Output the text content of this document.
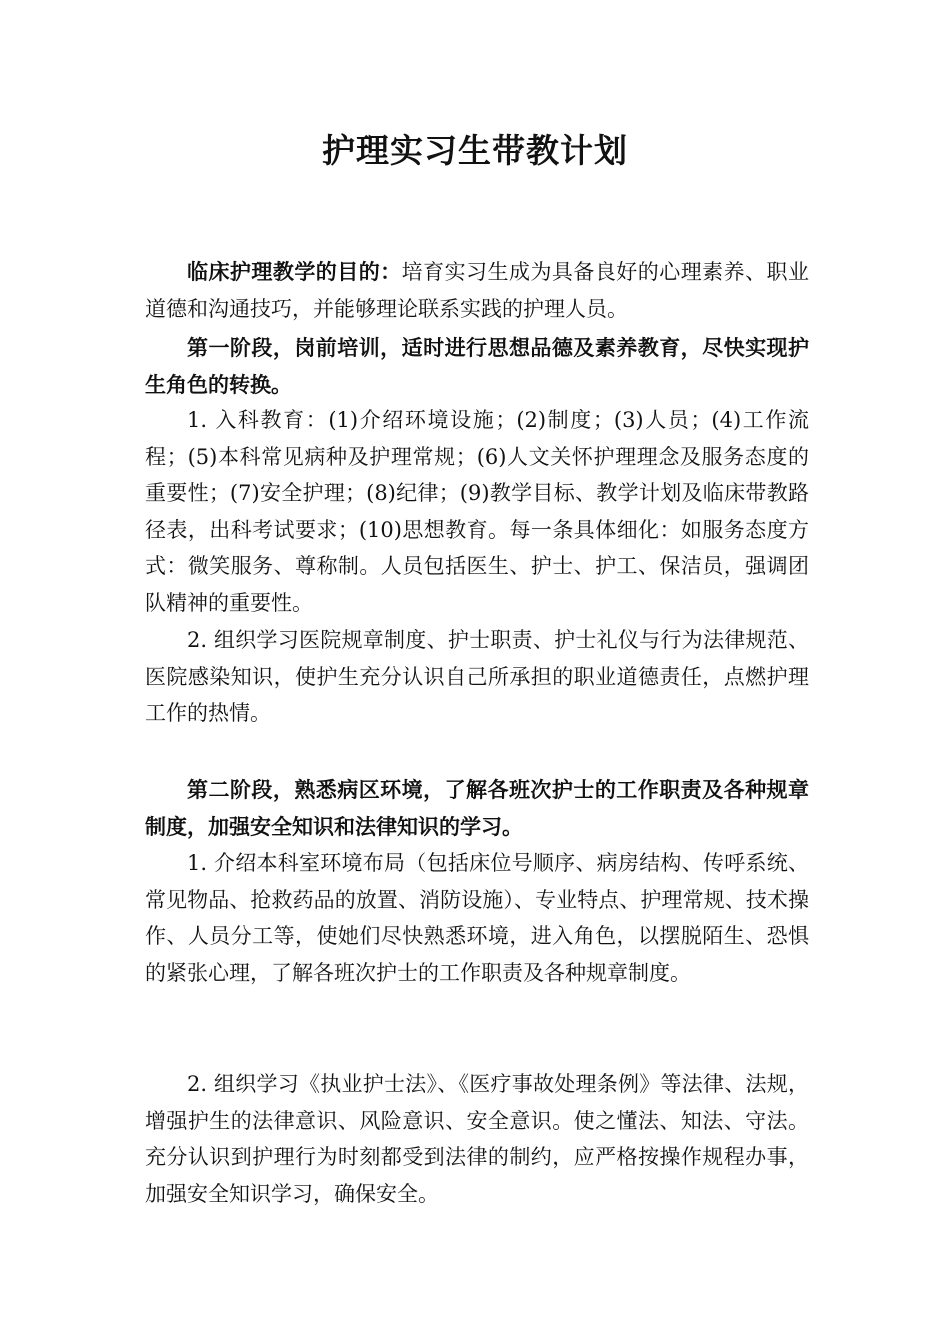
护理实习生带教计划

临床护理教学的目的：培育实习生成为具备良好的心理素养、职业道德和沟通技巧，并能够理论联系实践的护理人员。

第一阶段，岗前培训，适时进行思想品德及素养教育，尽快实现护生角色的转换。

1. 入科教育：(1)介绍环境设施；(2)制度；(3)人员；(4)工作流程；(5)本科常见病种及护理常规；(6)人文关怀护理理念及服务态度的重要性；(7)安全护理；(8)纪律；(9)教学目标、教学计划及临床带教路径表，出科考试要求；(10)思想教育。每一条具体细化：如服务态度方式：微笑服务、尊称制。人员包括医生、护士、护工、保洁员，强调团队精神的重要性。

2. 组织学习医院规章制度、护士职责、护士礼仪与行为法律规范、医院感染知识，使护生充分认识自己所承担的职业道德责任，点燃护理工作的热情。

第二阶段，熟悉病区环境，了解各班次护士的工作职责及各种规章制度，加强安全知识和法律知识的学习。

1. 介绍本科室环境布局（包括床位号顺序、病房结构、传呼系统、常见物品、抢救药品的放置、消防设施）、专业特点、护理常规、技术操作、人员分工等，使她们尽快熟悉环境，进入角色，以摆脱陌生、恐惧的紧张心理，了解各班次护士的工作职责及各种规章制度。

2. 组织学习《执业护士法》、《医疗事故处理条例》等法律、法规，增强护生的法律意识、风险意识、安全意识。使之懂法、知法、守法。充分认识到护理行为时刻都受到法律的制约，应严格按操作规程办事，加强安全知识学习，确保安全。
